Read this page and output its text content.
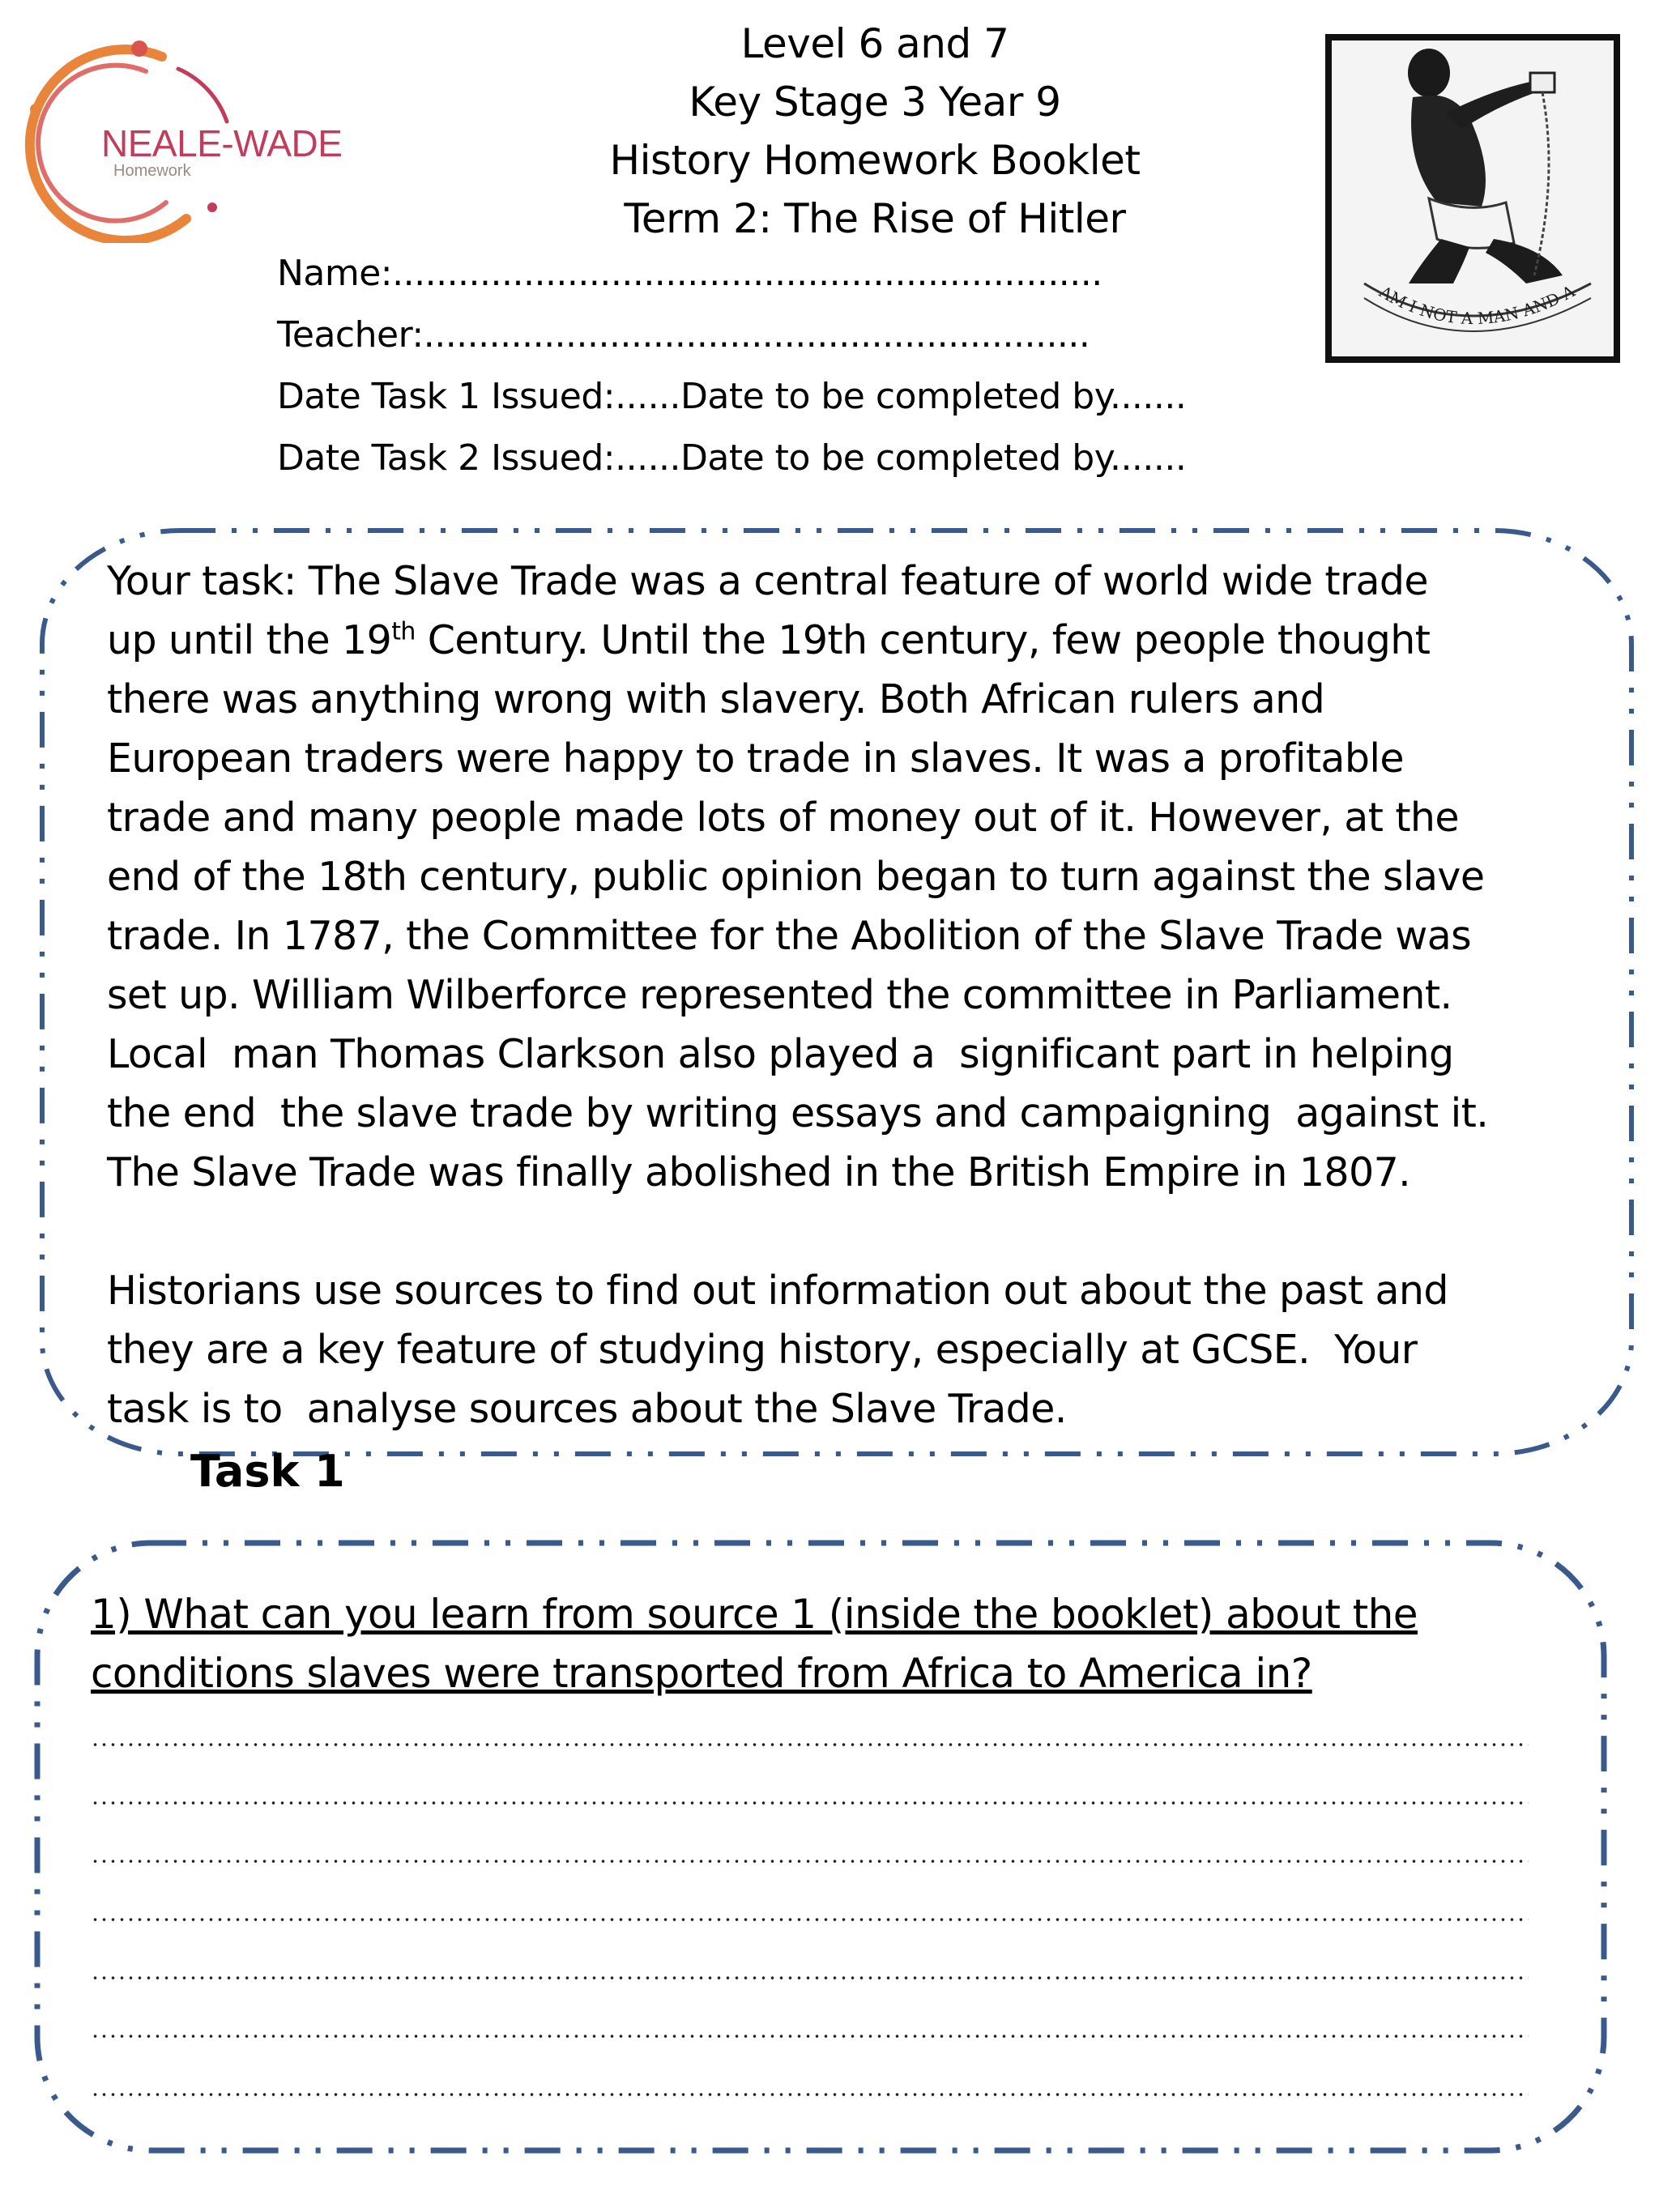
NEALE-WADE
Homework
Level 6 and 7
Key Stage 3 Year 9
History Homework Booklet
Term 2: The Rise of Hitler
Name:.................................................................
Teacher:.............................................................
Date Task 1 Issued:......Date to be completed by.......
Date Task 2 Issued:......Date to be completed by.......
AM I NOT A MAN AND A
Your task: The Slave Trade was a central feature of world wide trade
up until the 19th Century. Until the 19th century, few people thought
there was anything wrong with slavery. Both African rulers and
European traders were happy to trade in slaves. It was a profitable
trade and many people made lots of money out of it. However, at the
end of the 18th century, public opinion began to turn against the slave
trade. In 1787, the Committee for the Abolition of the Slave Trade was
set up. William Wilberforce represented the committee in Parliament.
Local  man Thomas Clarkson also played a  significant part in helping
the end  the slave trade by writing essays and campaigning  against it.
The Slave Trade was finally abolished in the British Empire in 1807.
Historians use sources to find out information out about the past and
they are a key feature of studying history, especially at GCSE.  Your
task is to  analyse sources about the Slave Trade.
Task 1
1) What can you learn from source 1 (inside the booklet) about the
conditions slaves were transported from Africa to America in?
